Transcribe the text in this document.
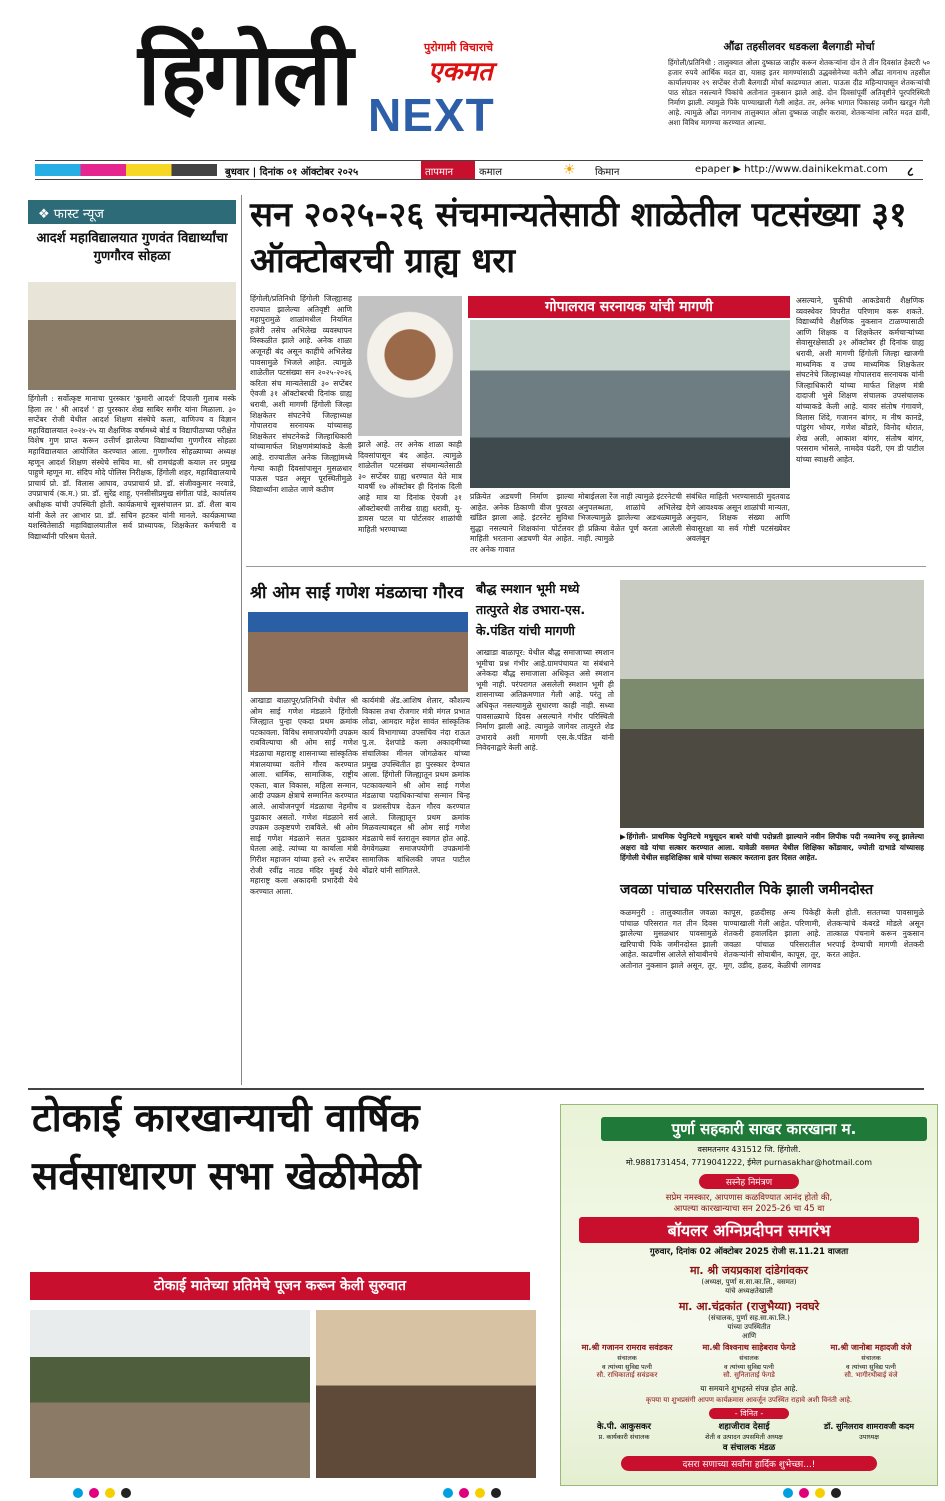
हिंगोली	पुरोगामी विचाराचे
एकमत
NEXT
औंढा तहसीलवर धडकला बैलगाडी मोर्चा
हिंगोली/प्रतिनिधी : तालुक्यात ओला दुष्काळ जाहीर करून शेतकऱ्यांना दोन ते तीन दिवसांत हेक्टरी ५० हजार रुपये आर्थिक मदत द्या, यासह इतर मागण्यांसाठी उद्धवसेनेच्या वतीने औंढा नागनाथ तहसील कार्यालयावर २९ सप्टेंबर रोजी बैलगाडी मोर्चा काढण्यात आला. पाऊस दीड महिन्यापासून शेतकऱ्यांची पाठ सोडत नसल्याने पिकांचे अतोनात नुकसान झाले आहे. दोन दिवसांपूर्वी अतिवृष्टीने पूरपरिस्थिती निर्माण झाली. त्यामुळे पिके पाण्याखाली गेली आहेत. तर, अनेक भागात पिकासह जमीन खरडून गेली आहे. त्यामुळे औंढा नागनाथ तालुक्यात ओला दुष्काळ जाहीर करावा, शेतकऱ्यांना त्वरित मदत द्यावी, अशा विविध मागण्या करण्यात आल्या.
बुधवार | दिनांक ०१ ऑक्टोबर २०२५	तापमान	कमाल	☀ किमान	epaper ▶ http://www.dainikekmat.com ८
❖ फास्ट न्यूज
आदर्श महाविद्यालयात गुणवंत विद्यार्थ्यांचा गुणगौरव सोहळा
हिंगोली : सर्वोत्कृष्ट मानाचा पुरस्कार 'कुमारी आदर्श' दिपाली गुलाब मस्के हिला तर ' श्री आदर्श ' हा पुरस्कार शेख साबिर समीर यांना मिळाला. ३० सप्टेंबर रोजी येथील आदर्श शिक्षण संस्थेचे कला, वाणिज्य व विज्ञान महाविद्यालयात २०२४-२५ या शैक्षणिक वर्षामध्ये बोर्ड व विद्यापीठाच्या परीक्षेत विशेष गुण प्राप्त करून उत्तीर्ण झालेल्या विद्यार्थ्यांचा गुणगौरव सोहळा महाविद्यालयात आयोजित करण्यात आला. गुणगौरव सोहळ्याच्या अध्यक्ष म्हणून आदर्श शिक्षण संस्थेचे सचिव मा. श्री रामचंद्रजी कयाल तर प्रमुख पाहुणे म्हणून मा. संदिप मोदे पोलिस निरीक्षक, हिंगोली शहर, महाविद्यालयाचे प्राचार्य प्रो. डॉ. विलास आघाव, उपप्राचार्य प्रो. डॉ. संजीवकुमार नरवाडे, उपप्राचार्य (क.म.) प्रा. डॉ. सुरेंद्र शाहू, एनसीसीप्रमुख संगीता पांडे, कार्यालय अधीक्षक यांची उपस्थिती होती. कार्यक्रमाचे सूत्रसंचालन प्रा. डॉ. शैला बाय यांनी केले तर आभार प्रा. डॉ. सचिन हटकर यांनी मानले. कार्यक्रमाच्या यशस्वितेसाठी महाविद्यालयातील सर्व प्राध्यापक, शिक्षकेतर कर्मचारी व विद्यार्थ्यांनी परिश्रम घेतले.
सन २०२५-२६ संचमान्यतेसाठी शाळेतील पटसंख्या ३१ ऑक्टोबरची ग्राह्य धरा
हिंगोली/प्रतिनिधी हिंगोली जिल्ह्यासह राज्यात झालेल्या अतिवृष्टी आणि महापुरामुळे शाळांमधील नियमित हजेरी तसेच अभिलेख व्यवस्थापन विस्कळीत झाले आहे. अनेक शाळा अजूनही बंद असून काहींचे अभिलेख पावसामुळे भिजले आहेत. त्यामुळे शाळेतील पटसंख्या सन २०२५-२०२६ करिता संच मान्यतेसाठी ३० सप्टेंबर ऐवजी ३१ ऑक्टोबरची दिनांक ग्राह्य धरावी, अशी मागणी हिंगोली जिल्हा शिक्षकेतर संघटनेचे जिल्हाध्यक्ष गोपालराव सरनायक यांच्यासह शिक्षकेतर संघटनेकडे जिल्हाधिकारी यांच्यामार्फत शिक्षणमंत्र्यांकडे केली आहे. राज्यातील अनेक जिल्ह्यांमध्ये गेल्या काही दिवसांपासून मुसळधार पाऊस पडत असून पूरस्थितीमुळे विद्यार्थ्यांना शाळेत जाणे कठीण
झाले आहे. तर अनेक शाळा काही दिवसांपासून बंद आहेत. त्यामुळे शाळेतील पटसंख्या संचमान्यतेसाठी ३० सप्टेंबर ग्राह्य धरण्यात येते मात्र यावर्षी १७ ऑक्टोबर ही दिनांक दिली आहे मात्र या दिनांक ऐवजी ३१ ऑक्टोबरची तारीख ग्राह्य धरावी, यू-डायस पटल या पोर्टलवर शाळांची माहिती भरण्याच्या
गोपालराव सरनायक यांची मागणी
प्रक्रियेत अडचणी निर्माण झाल्या आहेत. अनेक ठिकाणी वीज पुरवठा खंडित झाला आहे. इंटरनेट सुविधा सुद्धा नसल्याने शिक्षकांना पोर्टलवर माहिती भरताना अडचणी येत आहेत. तर अनेक गावात
मोबाईलला रेंज नाही त्यामुळे इंटरनेटची अनुपलब्धता, शाळांचे अभिलेख भिजल्यामुळे झालेल्या अडथळ्यामुळे ही प्रक्रिया वेळेत पूर्ण करता आलेली नाही. त्यामुळे
संबंधित माहिती भरण्यासाठी मुदतवाढ देणे आवश्यक असून शाळांची मान्यता, अनुदान, शिक्षक संख्या आणि सेवासुरक्षा या सर्व गोष्टी पटसंख्येवर अवलंबून
असल्याने, चुकीची आकडेवारी शैक्षणिक व्यवस्थेवर विपरीत परिणाम करू शकते. विद्यार्थ्यांचे शैक्षणिक नुकसान टाळण्यासाठी आणि शिक्षक व शिक्षकेतर कर्मचाऱ्यांच्या सेवासुरक्षेसाठी ३१ ऑक्टोबर ही दिनांक ग्राह्य धरावी, अशी मागणी हिंगोली जिल्हा खाजगी माध्यमिक व उच्च माध्यमिक शिक्षकेतर संघटनेचे जिल्हाध्यक्ष गोपालराव सरनायक यांनी जिल्हाधिकारी यांच्या मार्फत शिक्षण मंत्री दादाजी भुसे शिक्षण संचालक उपसंचालक यांच्याकडे केली आहे. यावर संतोष गंगावणे, विलास शिंदे, गजानन बांगर, म नीष कानडे, पांडुरंग भोयर, गणेश बोंडारे, विनोद थोरात, शेख अली, आकाश बांगर, संतोष बांगर, परसराम भोसले, नामदेव पंढरी, एम डी पाटील यांच्या स्वाक्षरी आहेत.
श्री ओम साई गणेश मंडळाचा गौरव
आखाडा बाळापूर/प्रतिनिधी येथील श्री ओम साई गणेश मंडळाने हिंगोली जिल्ह्यात पुन्हा एकदा प्रथम क्रमांक पटकावला. विविध समाजपयोगी उपक्रम राबविल्याचा श्री ओम साई गणेश मंडळाचा महाराष्ट्र शासनाच्या सांस्कृतिक मंत्रालयाच्या वतीने गौरव करण्यात आला. धार्मिक, सामाजिक, राष्ट्रीय एकता, बाल विकास, महिला सन्मान, आदी उपक्रम क्षेत्राचे सम्मानित करण्यात आले. आयोजनपूर्ण मंडळाचा नेहमीच पुढाकार असतो. गणेश मंडळाने सर्व उपक्रम उत्कृष्टपणे राबविले. श्री ओम साई गणेश मंडळाने सतत पुढाकार घेतला आहे. त्यांच्या या कार्याला मंत्री गिरीश महाजन यांच्या हस्ते २५ सप्टेंबर रोजी रवींद्र नाट्य मंदिर मुंबई येथे महाराष्ट्र कला अकादमी प्रभादेवी येथे करण्यात आला.
कार्यमंत्री ॲड.आशिष शेलार, कौशल्य विकास तथा रोजगार मंत्री मंगल प्रभात लोढा, आमदार महेश सावंत सांस्कृतिक कार्य विभागाच्या उपसचिव नंदा राऊत पु.ल. देशपांडे कला अकादमीच्या संचालिका मीनल जोगळेकर यांच्या प्रमुख उपस्थितीत हा पुरस्कार देण्यात आला. हिंगोली जिल्ह्यातून प्रथम क्रमांक पटकावल्याने श्री ओम साई गणेश मंडळाचा पदाधिकाऱ्यांचा सन्मान चिन्ह व प्रशस्तीपत्र देऊन गौरव करण्यात आले. जिल्ह्यातून प्रथम क्रमांक मिळवल्याबद्दल श्री ओम साई गणेश मंडळाचे सर्व स्तरातून स्वागत होत आहे. वेगवेगळ्या समाजपयोगी उपक्रमांनी सामाजिक बांधिलकी जपत पाटील बोंढारे यांनी सांगितले.
बौद्ध स्मशान भूमी मध्ये तात्पुरते शेड उभारा-एस. के.पंडित यांची मागणी
आखाडा बाळापूर: येथील बौद्ध समाजाच्या स्मशान भूमीचा प्रश्न गंभीर आहे.ग्रामपंचायत या संबंधाने अनेकदा बौद्ध समाजाला अधिकृत असे स्मशान भूमी नाही. परंपरागत असलेली स्मशान भूमी ही शासनाच्या अतिक्रमणात गेली आहे. परंतु तो अधिकृत नसल्यामुळे सुधारणा काही नाही. सध्या पावसाळ्याचे दिवस असल्याने गंभीर परिस्थिती निर्माण झाली आहे. त्यामुळे जागेवर तात्पुरते शेड उभारावे अशी मागणी एस.के.पंडित यांनी निवेदनाद्वारे केली आहे.
▶हिंगोली- प्राथमिक पेयुनिटचे मधुसूदन बाबरे यांची पदोन्नती झाल्याने नवीन लिपीक पदी नव्यानेच रुजू झालेल्या अक्षरा वडे यांचा सत्कार करण्यात आला. यावेळी वसमत येथील शिक्षिका कोंडावार, ज्योती दाभाडे यांच्यासह हिंगोली येथील सहशिक्षिका धाबे यांच्या सत्कार करताना इतर दिसत आहेत.
जवळा पांचाळ परिसरातील पिके झाली जमीनदोस्त
कळमनुरी : तालुक्यातील जवळा पांचाळ परिसरात गत तीन दिवस झालेल्या मुसळधार पावसामुळे खरिपाची पिके जमीनदोस्त झाली आहेत. काढणीस आलेले सोयाबीनचे अतोनात नुकसान झाले असून, तूर, कापूस, हळदीसह अन्य पिकेही पाण्याखाली गेली आहेत. परिणामी, शेतकरी हवालदिल झाला आहे. जवळा पांचाळ परिसरातील शेतकऱ्यांनी सोयाबीन, कापूस, तूर, मूग, उडीद, हळद, केळीची लागवड केली होती. सततच्या पावसामुळे शेतकऱ्यांचे कंबरडे मोडले असून तात्काळ पंचनामे करून नुकसान भरपाई देण्याची मागणी शेतकरी करत आहेत.
टोकाई कारखान्याची वार्षिक सर्वसाधारण सभा खेळीमेळी
टोकाई मातेच्या प्रतिमेचे पूजन करून केली सुरुवात
पुर्णा सहकारी साखर कारखाना म.
वसमतनगर 431512 जि. हिंगोली.
मो.9881731454, 7719041222, ईमेल purnasakhar@hotmail.com
सस्नेह निमंत्रण
सप्रेम नमस्कार, आपणास कळविण्यात आनंद होतो की,
आपल्या कारखान्याचा सन 2025-26 चा 45 वा
बॉयलर अग्निप्रदीपन समारंभ
गुरुवार, दिनांक 02 ऑक्टोबर 2025 रोजी स.11.21 वाजता
मा. श्री जयप्रकाश दांडेगांवकर
(अध्यक्ष, पुर्णा स.सा.का.लि., वसमत)
यांचे अध्यक्षतेखाली
मा. आ.चंद्रकांत (राजुभैय्या) नवघरे
(संचालक, पुर्णा सह.सा.का.लि.)
यांच्या उपस्थितीत
आणि
मा.श्री गजानन रामराव सवंडकर
संचालक
व त्यांच्या सुविद्य पत्नी
सौ. राधिकाताई सवंडकर
मा.श्री विश्वनाथ साहेबराव फेगडे
संचालक
व त्यांच्या सुविद्य पत्नी
सौ. सुनिताताई फेगडे
मा.श्री जानोबा महादजी वंजे
संचालक
व त्यांच्या सुविद्य पत्नी
सौ. भागीरथीबाई वंजे
या समयाने शुभहस्ते संपन्न होत आहे.
कृपया या शुभप्रसंगी आपण कार्यक्रमास आवर्जून उपस्थित राहावे अशी विनंती आहे.
- विनित -
के.पी. आकुसकर
प्र. कार्यकारी संचालक
शहाजीराव देसाई
शेती व उत्पादन उपसमिती अध्यक्ष
डॉ. सुनिलराव शामरावजी कदम
उपाध्यक्ष
व संचालक मंडळ
दसरा सणाच्या सर्वांना हार्दिक शुभेच्छा...!
